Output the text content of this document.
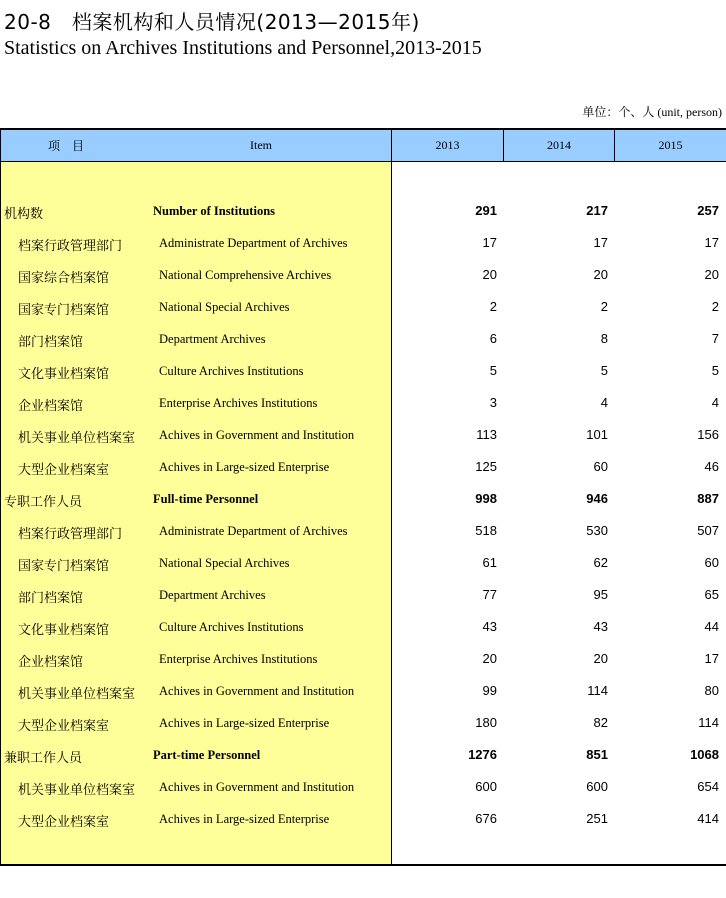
20-8　档案机构和人员情况(2013—2015年)
Statistics on Archives Institutions and Personnel,2013-2015
单位：个、人 (unit, person)
项　目	Item	2013	2014	2015
机构数	Number of Institutions	291	217	257
档案行政管理部门	Administrate Department of Archives	17	17	17
国家综合档案馆	National Comprehensive Archives	20	20	20
国家专门档案馆	National Special Archives	2	2	2
部门档案馆	Department Archives	6	8	7
文化事业档案馆	Culture Archives Institutions	5	5	5
企业档案馆	Enterprise Archives Institutions	3	4	4
机关事业单位档案室 Achives in Government and Institution	113	101	156
大型企业档案室	Achives in Large-sized Enterprise	125	60	46
专职工作人员	Full-time Personnel	998	946	887
档案行政管理部门	Administrate Department of Archives	518	530	507
国家专门档案馆	National Special Archives	61	62	60
部门档案馆	Department Archives	77	95	65
文化事业档案馆	Culture Archives Institutions	43	43	44
企业档案馆	Enterprise Archives Institutions	20	20	17
机关事业单位档案室 Achives in Government and Institution	99	114	80
大型企业档案室	Achives in Large-sized Enterprise	180	82	114
兼职工作人员	Part-time Personnel	1276	851	1068
机关事业单位档案室 Achives in Government and Institution	600	600	654
大型企业档案室	Achives in Large-sized Enterprise	676	251	414
